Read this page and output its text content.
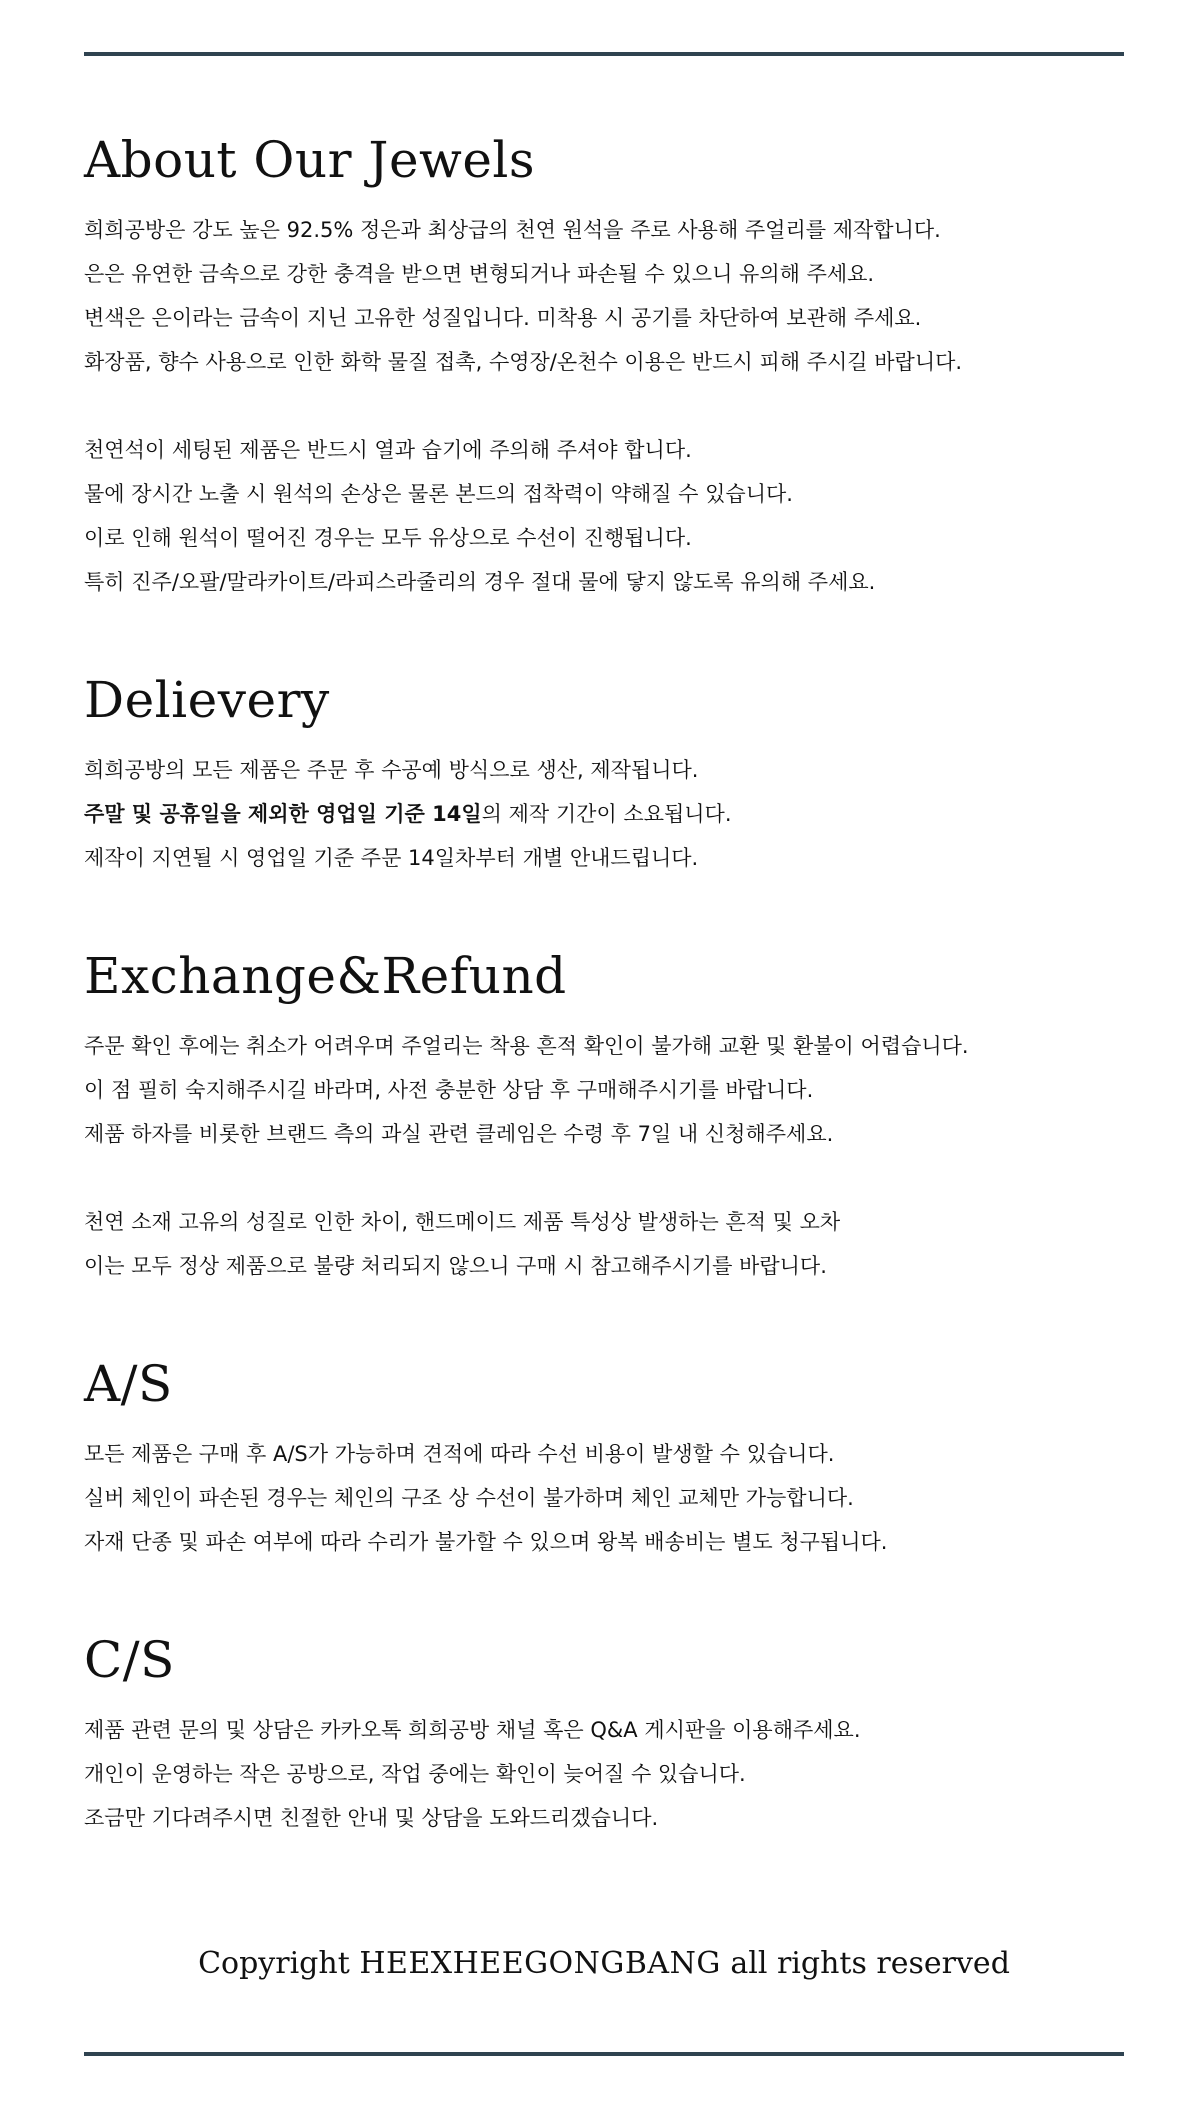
About Our Jewels
희희공방은 강도 높은 92.5% 정은과 최상급의 천연 원석을 주로 사용해 주얼리를 제작합니다.
은은 유연한 금속으로 강한 충격을 받으면 변형되거나 파손될 수 있으니 유의해 주세요.
변색은 은이라는 금속이 지닌 고유한 성질입니다. 미착용 시 공기를 차단하여 보관해 주세요.
화장품, 향수 사용으로 인한 화학 물질 접촉, 수영장/온천수 이용은 반드시 피해 주시길 바랍니다.
천연석이 세팅된 제품은 반드시 열과 습기에 주의해 주셔야 합니다.
물에 장시간 노출 시 원석의 손상은 물론 본드의 접착력이 약해질 수 있습니다.
이로 인해 원석이 떨어진 경우는 모두 유상으로 수선이 진행됩니다.
특히 진주/오팔/말라카이트/라피스라줄리의 경우 절대 물에 닿지 않도록 유의해 주세요.
Delievery
희희공방의 모든 제품은 주문 후 수공예 방식으로 생산, 제작됩니다.
주말 및 공휴일을 제외한 영업일 기준 14일의 제작 기간이 소요됩니다.
제작이 지연될 시 영업일 기준 주문 14일차부터 개별 안내드립니다.
Exchange&Refund
주문 확인 후에는 취소가 어려우며 주얼리는 착용 흔적 확인이 불가해 교환 및 환불이 어렵습니다.
이 점 필히 숙지해주시길 바라며, 사전 충분한 상담 후 구매해주시기를 바랍니다.
제품 하자를 비롯한 브랜드 측의 과실 관련 클레임은 수령 후 7일 내 신청해주세요.
천연 소재 고유의 성질로 인한 차이, 핸드메이드 제품 특성상 발생하는 흔적 및 오차
이는 모두 정상 제품으로 불량 처리되지 않으니 구매 시 참고해주시기를 바랍니다.
A/S
모든 제품은 구매 후 A/S가 가능하며 견적에 따라 수선 비용이 발생할 수 있습니다.
실버 체인이 파손된 경우는 체인의 구조 상 수선이 불가하며 체인 교체만 가능합니다.
자재 단종 및 파손 여부에 따라 수리가 불가할 수 있으며 왕복 배송비는 별도 청구됩니다.
C/S
제품 관련 문의 및 상담은 카카오톡 희희공방 채널 혹은 Q&A 게시판을 이용해주세요.
개인이 운영하는 작은 공방으로, 작업 중에는 확인이 늦어질 수 있습니다.
조금만 기다려주시면 친절한 안내 및 상담을 도와드리겠습니다.
Copyright HEEXHEEGONGBANG all rights reserved
